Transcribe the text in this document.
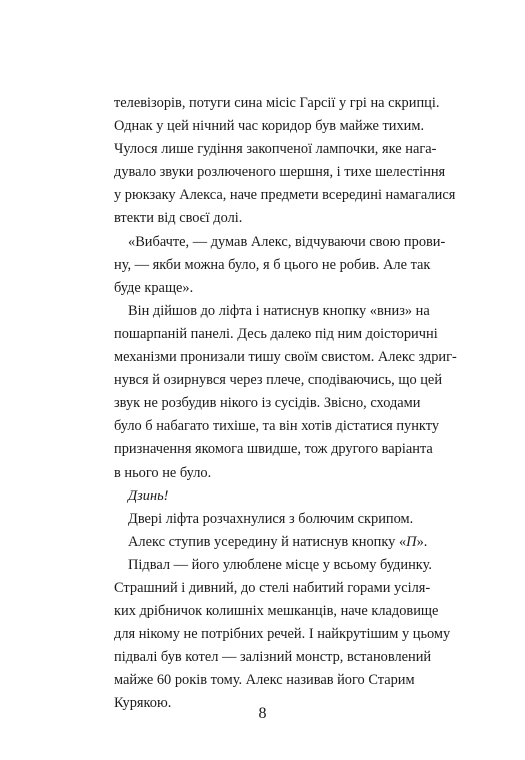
телевізорів, потуги сина місіс Гарсії у грі на скрипці.
Однак у цей нічний час коридор був майже тихим.
Чулося лише гудіння закопченої лампочки, яке нага-
дувало звуки розлюченого шершня, і тихе шелестіння
у рюкзаку Алекса, наче предмети всередині намагалися
втекти від своєї долі.
«Вибачте, — думав Алекс, відчуваючи свою прови-
ну, — якби можна було, я б цього не робив. Але так
буде краще».
Він дійшов до ліфта і натиснув кнопку «вниз» на
пошарпаній панелі. Десь далеко під ним доісторичні
механізми пронизали тишу своїм свистом. Алекс здриг-
нувся й озирнувся через плече, сподіваючись, що цей
звук не розбудив нікого із сусідів. Звісно, сходами
було б набагато тихіше, та він хотів дістатися пункту
призначення якомога швидше, тож другого варіанта
в нього не було.
Дзинь!
Двері ліфта розчахнулися з болючим скрипом.
Алекс ступив усередину й натиснув кнопку «П».
Підвал — його улюблене місце у всьому будинку.
Страшний і дивний, до стелі набитий горами усіля-
ких дрібничок колишніх мешканців, наче кладовище
для нікому не потрібних речей. І найкрутішим у цьому
підвалі був котел — залізний монстр, встановлений
майже 60 років тому. Алекс називав його Старим
Курякою.
8
